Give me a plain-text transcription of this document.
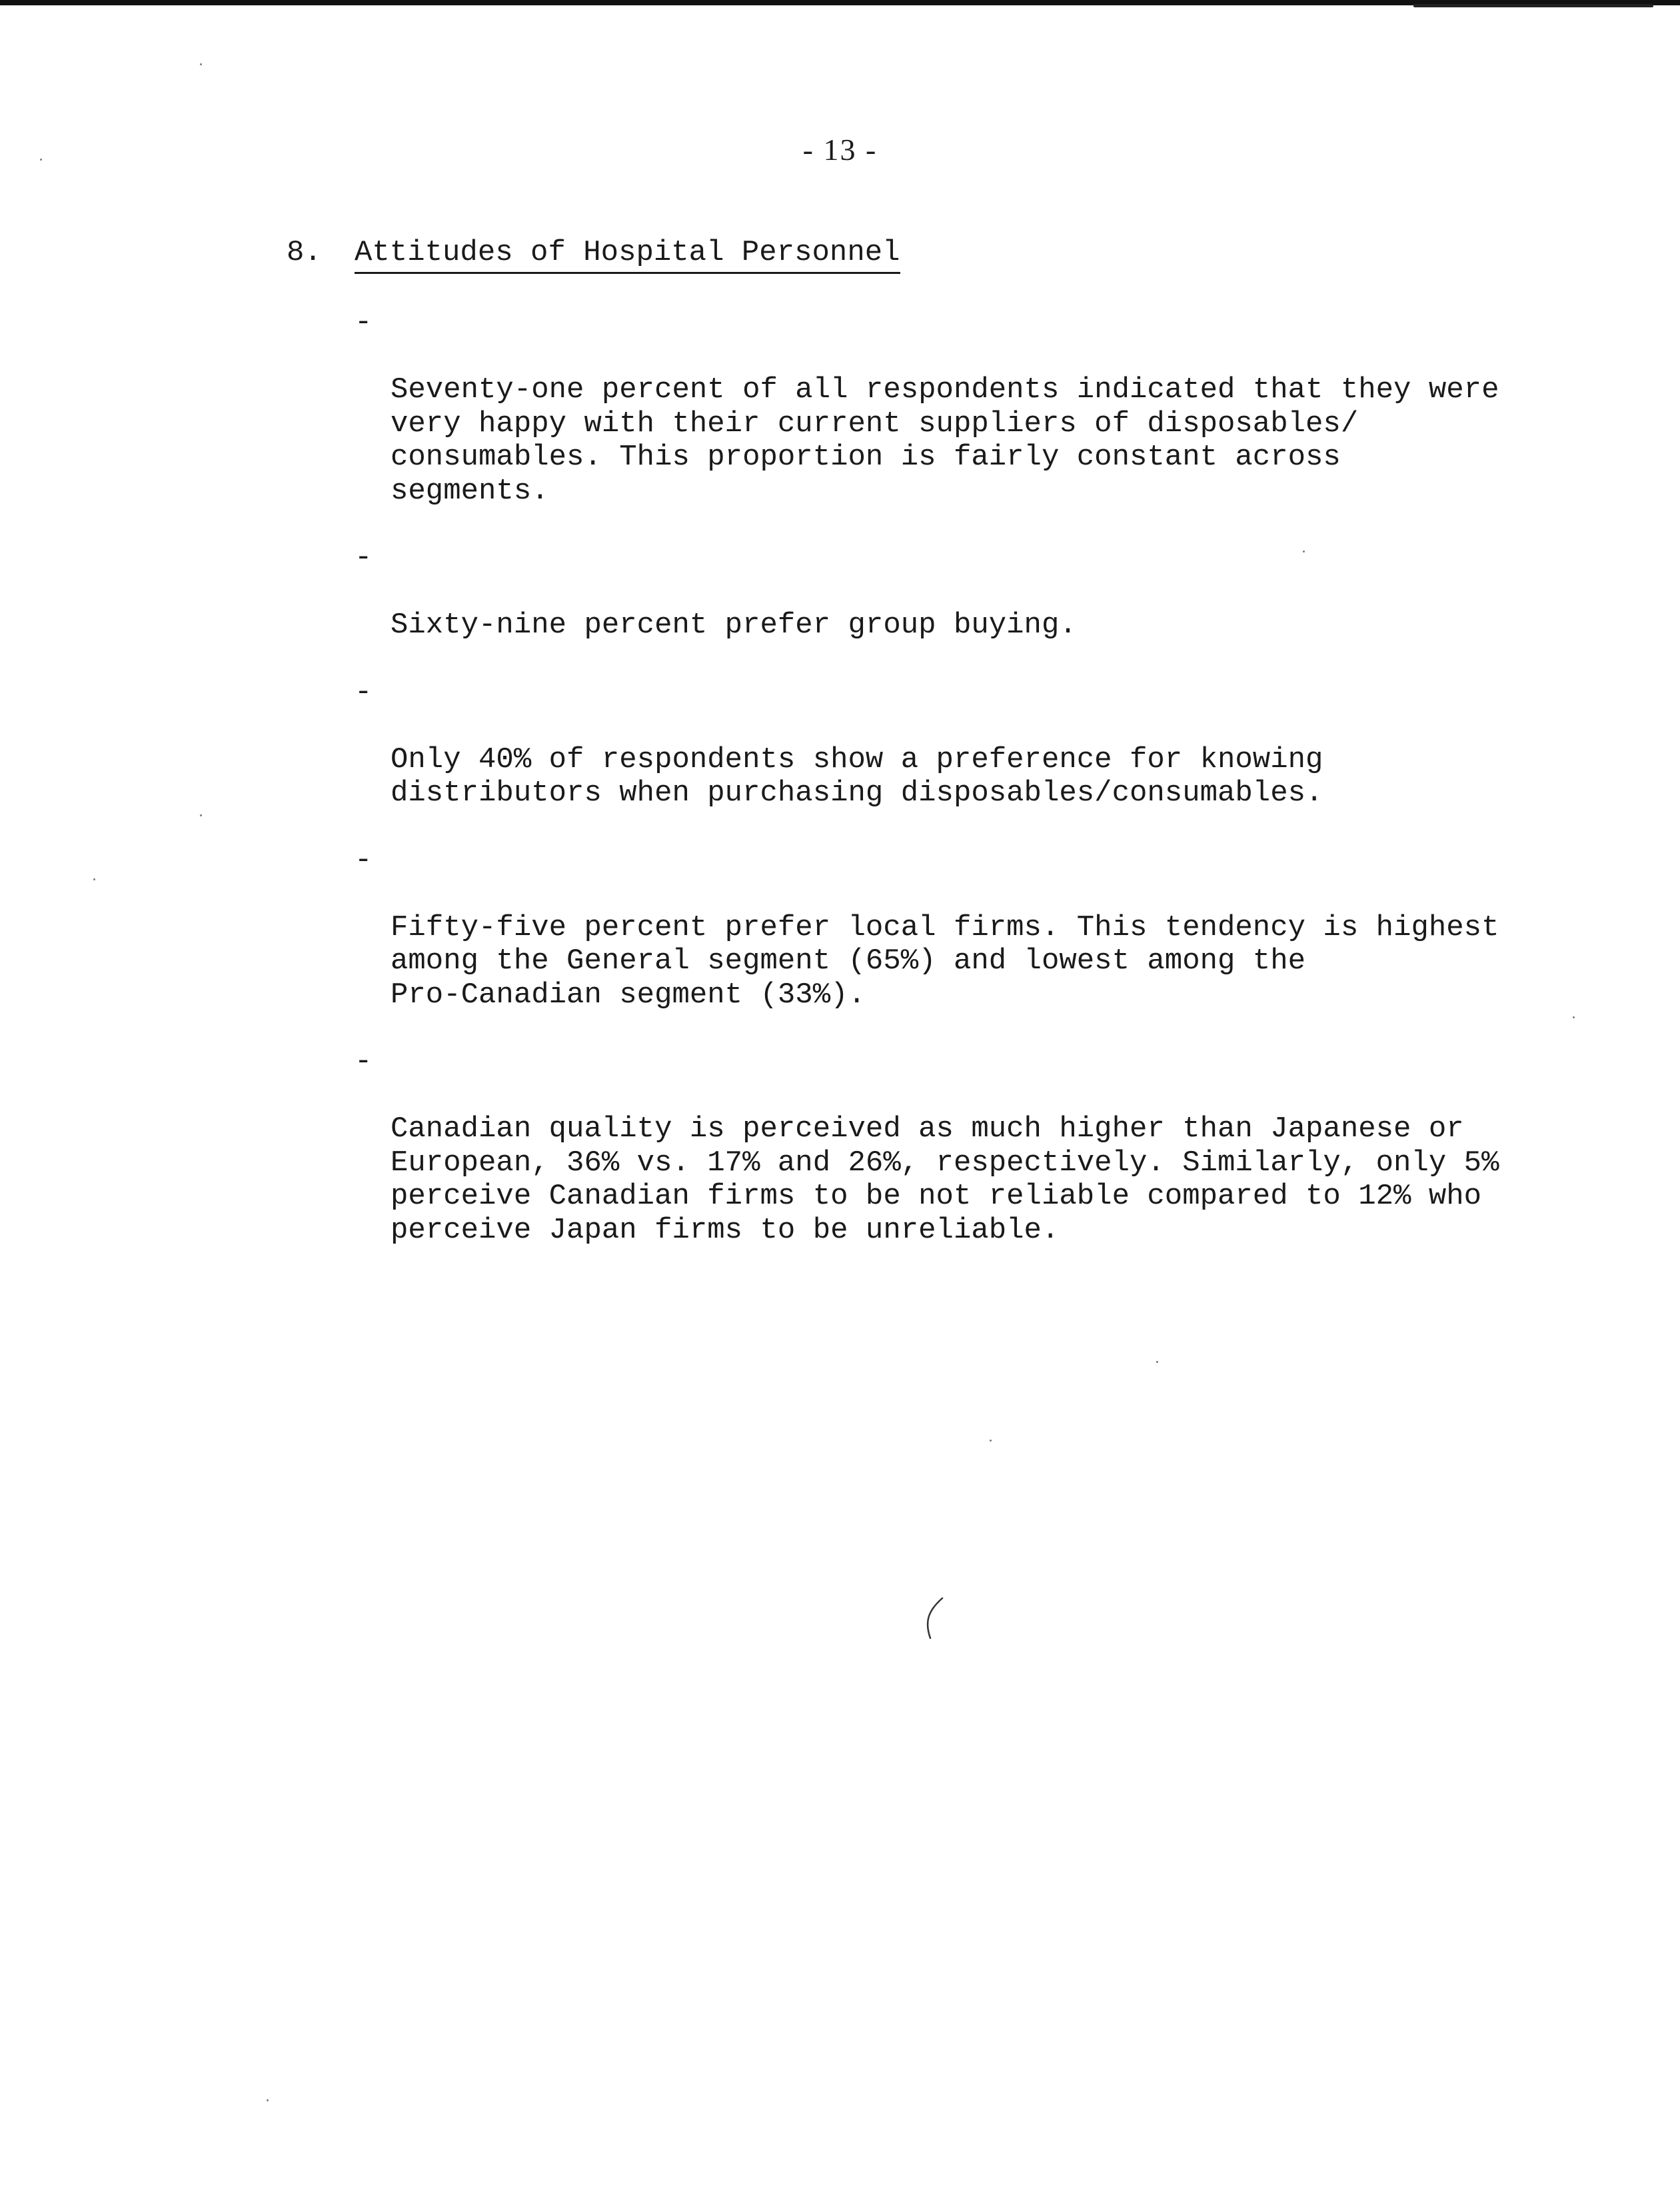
- 13 -
8.	Attitudes of Hospital Personnel

-

Seventy-one percent of all respondents indicated that they were
very happy with their current suppliers of disposables/
consumables. This proportion is fairly constant across
segments.

-

Sixty-nine percent prefer group buying.

-

Only 40% of respondents show a preference for knowing
distributors when purchasing disposables/consumables.

-

Fifty-five percent prefer local firms. This tendency is highest
among the General segment (65%) and lowest among the
Pro-Canadian segment (33%).

-

Canadian quality is perceived as much higher than Japanese or
European, 36% vs. 17% and 26%, respectively. Similarly, only 5%
perceive Canadian firms to be not reliable compared to 12% who
perceive Japan firms to be unreliable.
